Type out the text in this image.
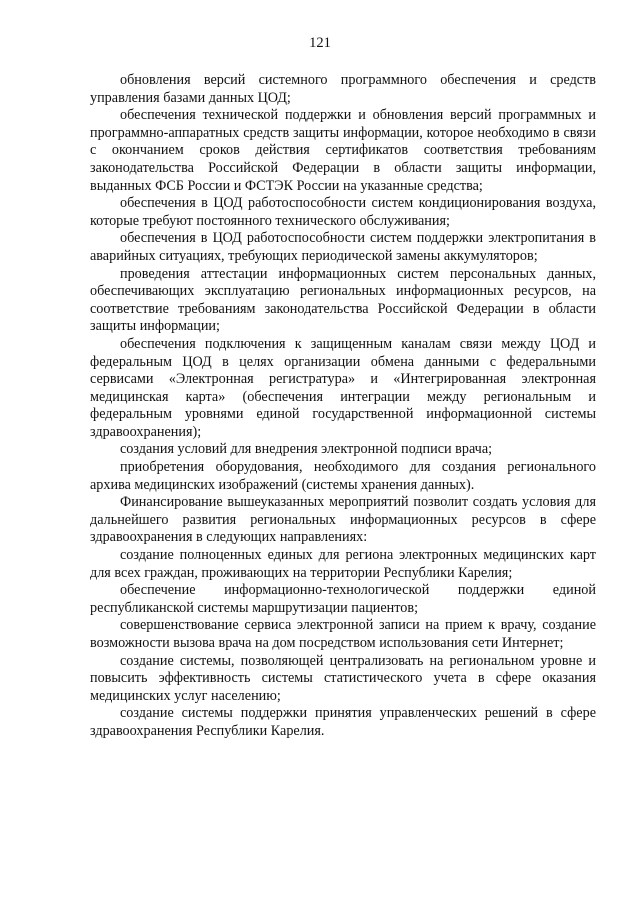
121

обновления версий системного программного обеспечения и средств управления базами данных ЦОД;

обеспечения технической поддержки и обновления версий программных и программно-аппаратных средств защиты информации, которое необходимо в связи с окончанием сроков действия сертификатов соответствия требованиям законодательства Российской Федерации в области защиты информации, выданных ФСБ России и ФСТЭК России на указанные средства;

обеспечения в ЦОД работоспособности систем кондиционирования воздуха, которые требуют постоянного технического обслуживания;

обеспечения в ЦОД работоспособности систем поддержки электропитания в аварийных ситуациях, требующих периодической замены аккумуляторов;

проведения аттестации информационных систем персональных данных, обеспечивающих эксплуатацию региональных информационных ресурсов, на соответствие требованиям законодательства Российской Федерации в области защиты информации;

обеспечения подключения к защищенным каналам связи между ЦОД и федеральным ЦОД в целях организации обмена данными с федеральными сервисами «Электронная регистратура» и «Интегрированная электронная медицинская карта» (обеспечения интеграции между региональным и федеральным уровнями единой государственной информационной системы здравоохранения);

создания условий для внедрения электронной подписи врача;

приобретения оборудования, необходимого для создания регионального архива медицинских изображений (системы хранения данных).

Финансирование вышеуказанных мероприятий позволит создать условия для дальнейшего развития региональных информационных ресурсов в сфере здравоохранения в следующих направлениях:

создание полноценных единых для региона электронных медицинских карт для всех граждан, проживающих на территории Республики Карелия;

обеспечение информационно-технологической поддержки единой республиканской системы маршрутизации пациентов;

совершенствование сервиса электронной записи на прием к врачу, создание возможности вызова врача на дом посредством использования сети Интернет;

создание системы, позволяющей централизовать на региональном уровне и повысить эффективность системы статистического учета в сфере оказания медицинских услуг населению;

создание системы поддержки принятия управленческих решений в сфере здравоохранения Республики Карелия.
